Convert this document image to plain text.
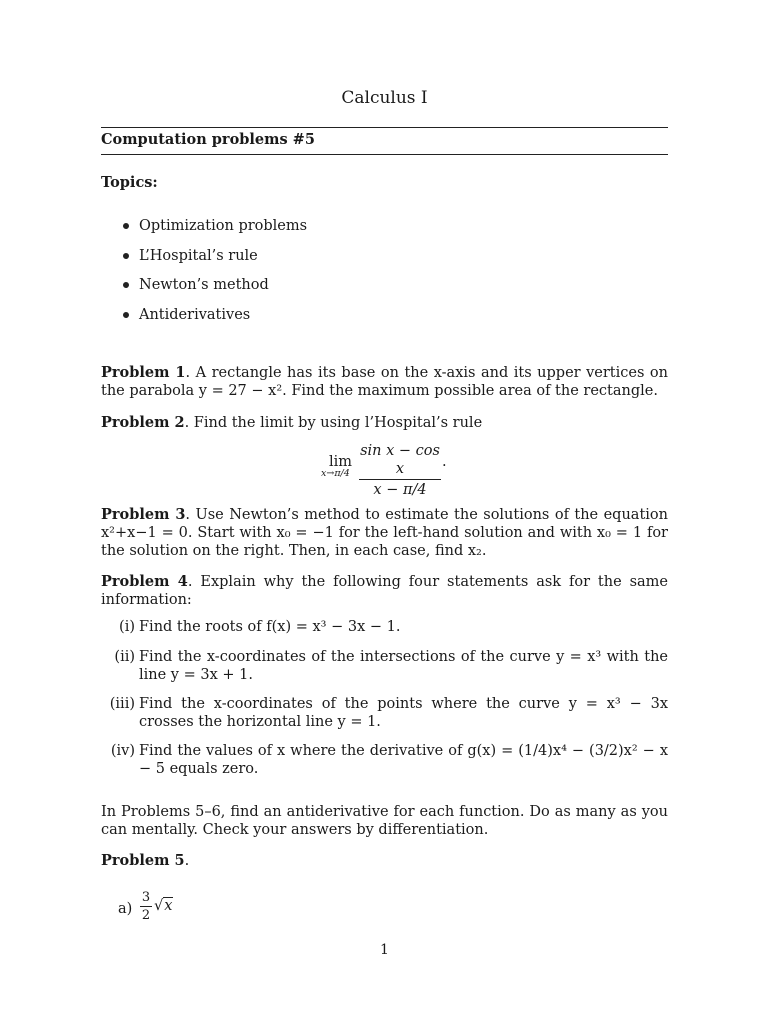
Calculus I
Computation problems #5
Topics:
Optimization problems
L’Hospital’s rule
Newton’s method
Antiderivatives
Problem 1. A rectangle has its base on the x-axis and its upper vertices on the parabola y = 27 − x². Find the maximum possible area of the rectangle.
Problem 2. Find the limit by using l’Hospital’s rule
lim
x→π/4
sin x − cos x
x − π/4
.
Problem 3. Use Newton’s method to estimate the solutions of the equation x²+x−1 = 0. Start with x₀ = −1 for the left-hand solution and with x₀ = 1 for the solution on the right. Then, in each case, find x₂.
Problem 4. Explain why the following four statements ask for the same information:
(i) Find the roots of f(x) = x³ − 3x − 1.
(ii) Find the x-coordinates of the intersections of the curve y = x³ with the line y = 3x + 1.
(iii) Find the x-coordinates of the points where the curve y = x³ − 3x crosses the horizontal line y = 1.
(iv) Find the values of x where the derivative of g(x) = (1/4)x⁴ − (3/2)x² − x − 5 equals zero.
In Problems 5–6, find an antiderivative for each function. Do as many as you can mentally. Check your answers by differentiation.
Problem 5.
a)
3
2
√x
1
